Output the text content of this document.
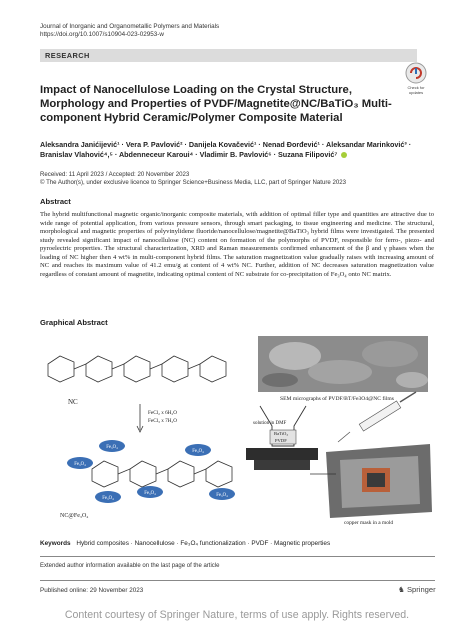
Journal of Inorganic and Organometallic Polymers and Materials
https://doi.org/10.1007/s10904-023-02953-w
RESEARCH
Check for
updates
Impact of Nanocellulose Loading on the Crystal Structure, Morphology and Properties of PVDF/Magnetite@NC/BaTiO₃ Multi-component Hybrid Ceramic/Polymer Composite Material
Aleksandra Janićijević¹ · Vera P. Pavlović² · Danijela Kovačević¹ · Nenad Đorđević¹ · Aleksandar Marinković³ · Branislav Vlahović⁴,⁵ · Abdenneceur Karoui⁴ · Vladimir B. Pavlović⁶ · Suzana Filipović⁷
Received: 11 April 2023 / Accepted: 20 November 2023
© The Author(s), under exclusive licence to Springer Science+Business Media, LLC, part of Springer Nature 2023
Abstract
The hybrid multifunctional magnetic organic/inorganic composite materials, with addition of optimal filler type and quantities are attractive due to wide range of potential application, from various pressure sensors, through smart packaging, to tissue engineering and medicine. The structural, morphological and magnetic properties of polyvinylidene fluoride/nanocellulose/magnetite@BaTiO₃ hybrid films were investigated. The presented study revealed significant impact of nanocellulose (NC) content on formation of the polymorphs of PVDF, responsible for ferro-, piezo- and pyroelectric properties. The structural characterization, XRD and Raman measurements confirmed enhancement of the β and γ phases when the loading of NC higher then 4 wt% in multi-component hybrid films. The saturation magnetization value gradually raises with increasing amount of NC and reaches its maximum value of 41.2 emu/g at content of 4 wt% NC. Further, addition of NC decreases saturation magnetization value regardless of constant amount of magnetite, indicating optimal content of NC substrate for co-precipitation of Fe₃O₄ onto NC matrix.
Graphical Abstract
NC
FeCl₂ x 6H₂O
FeCl₃ x 7H₂O
Fe₃O₄
Fe₃O₄
Fe₃O₄
Fe₃O₄
Fe₃O₄	Fe₃O₄
NC@Fe₃O₄
SEM micrographs of PVDF/BT/Fe3O4@NC films
BaTiO₃
PVDF
solution in DMF
copper mask in a mold
Keywords Hybrid composites · Nanocellulose · Fe₃O₄ functionalization · PVDF · Magnetic properties
Extended author information available on the last page of the article
Published online: 29 November 2023	♞ Springer
Content courtesy of Springer Nature, terms of use apply. Rights reserved.
